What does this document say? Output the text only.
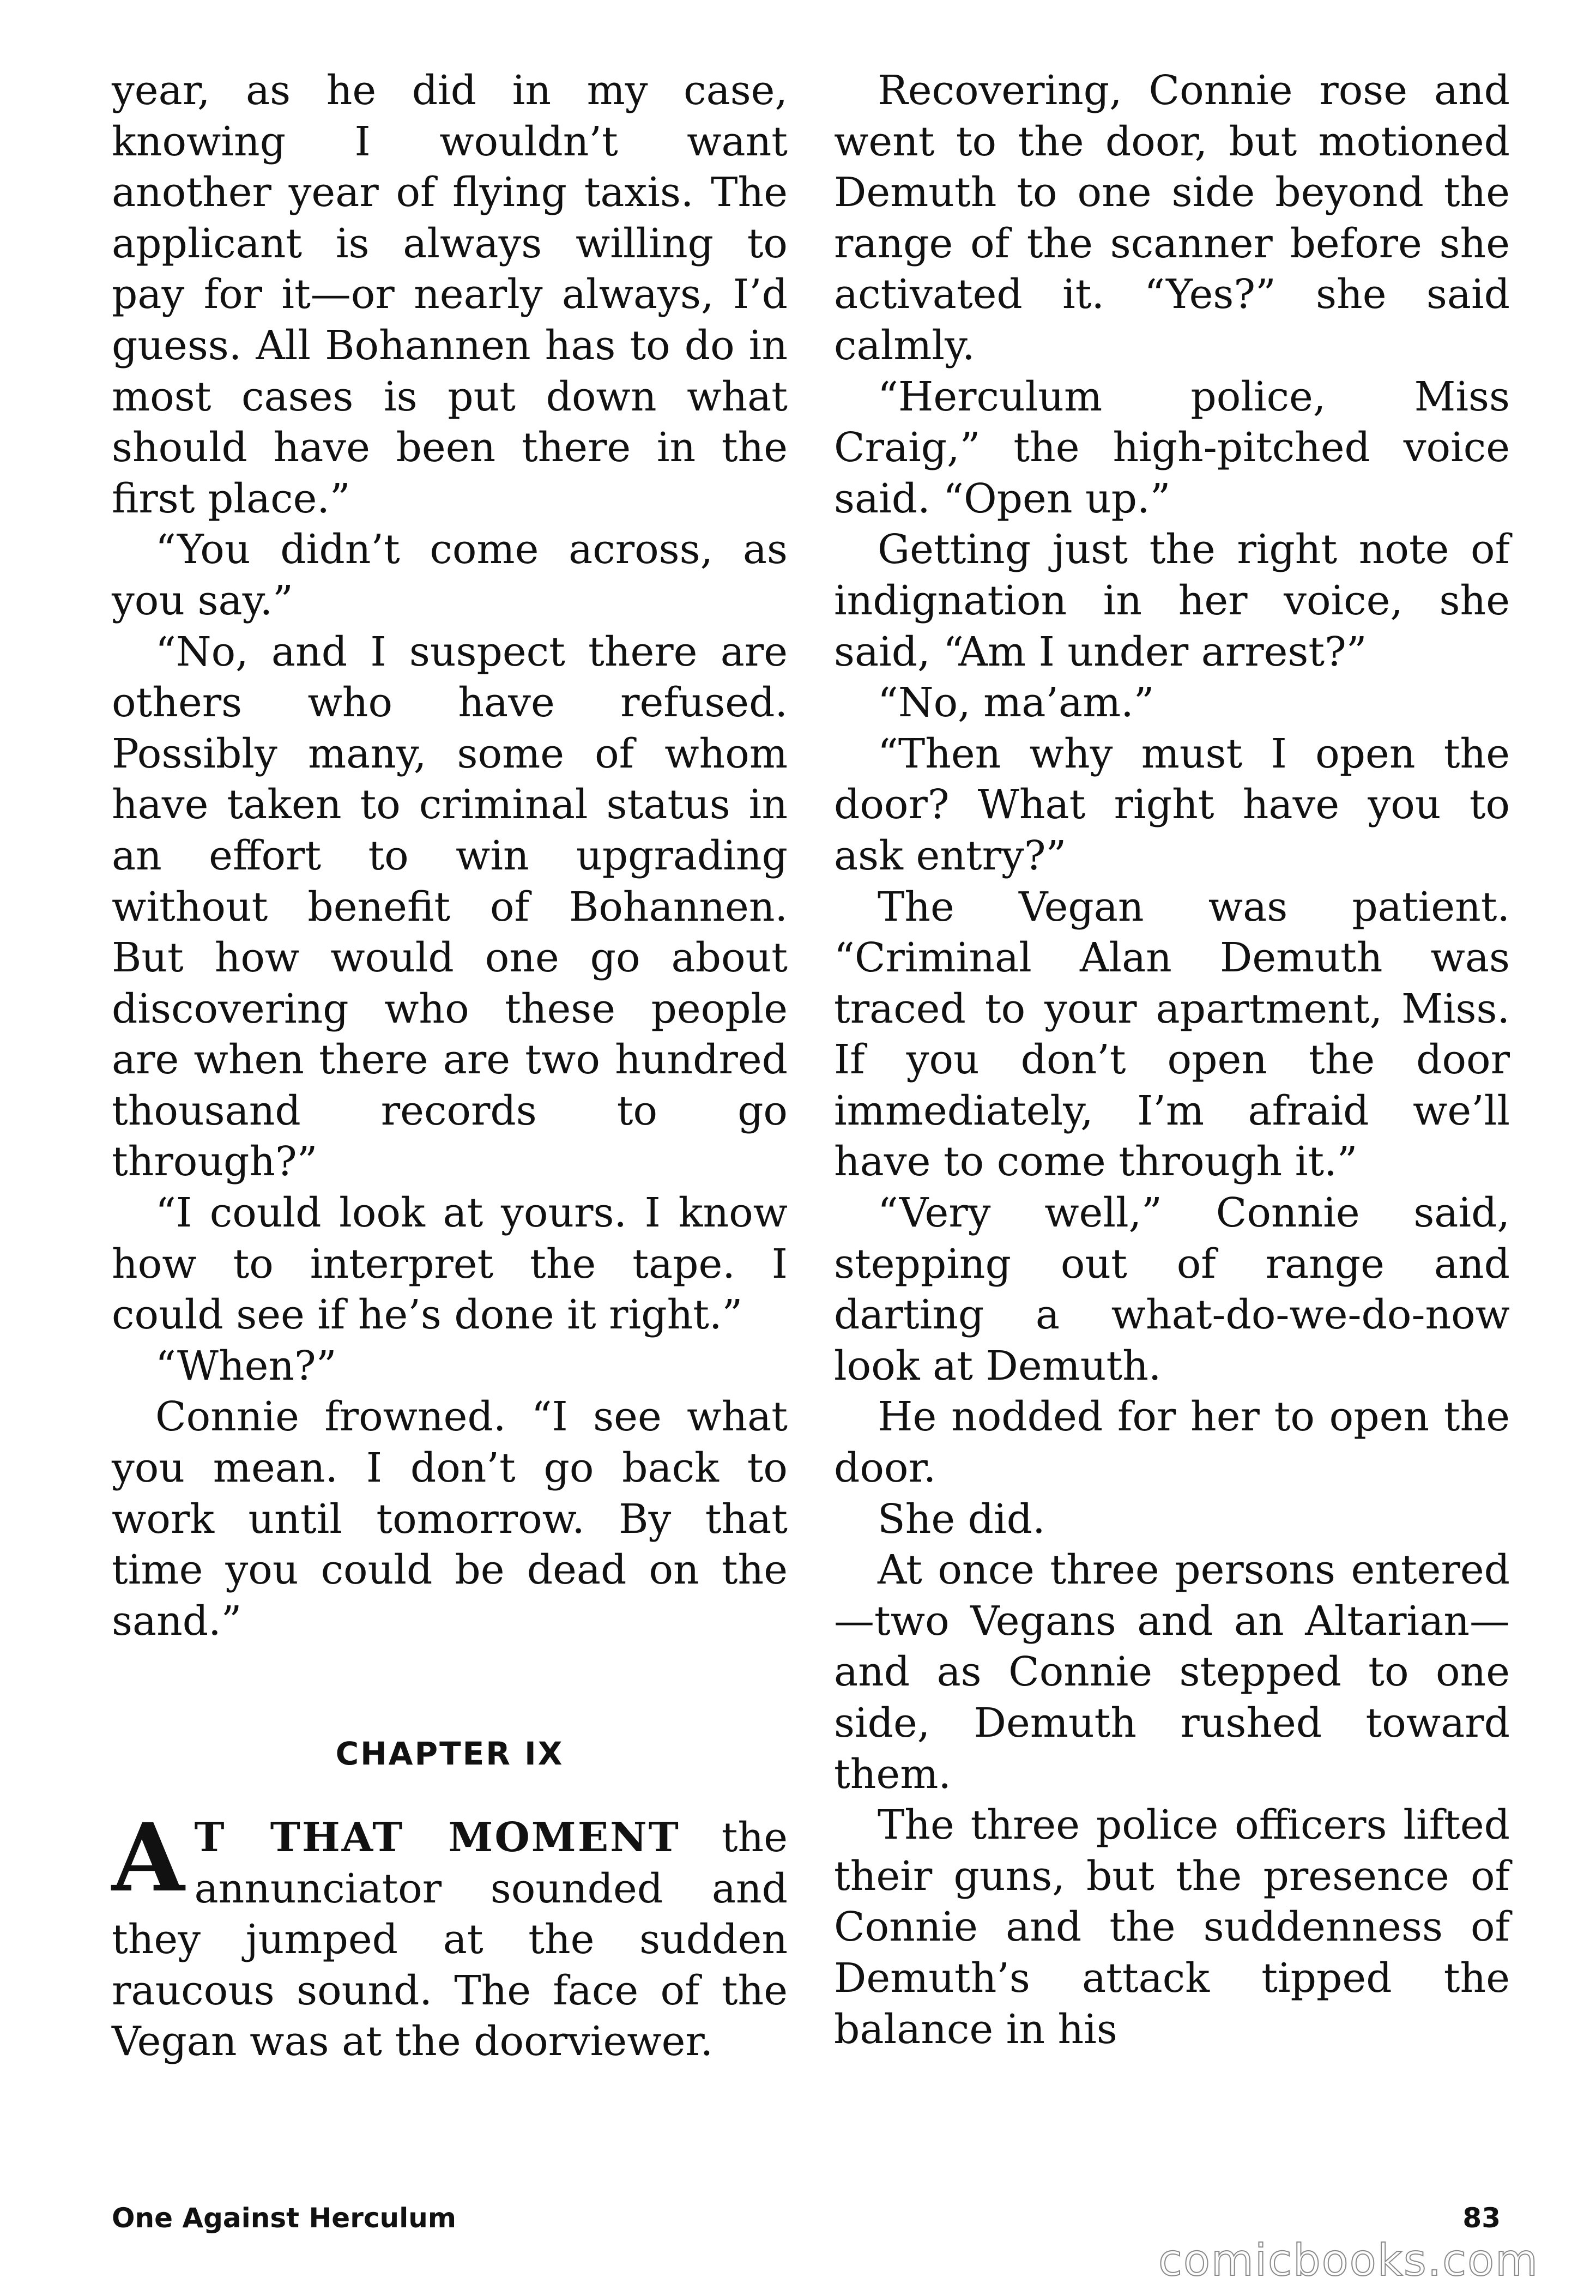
year, as he did in my case, knowing I wouldn’t want another year of flying taxis. The applicant is always willing to pay for it—or nearly always, I’d guess. All Bohannen has to do in most cases is put down what should have been there in the first place.”

“You didn’t come across, as you say.”

“No, and I suspect there are others who have refused. Possibly many, some of whom have taken to criminal status in an effort to win upgrading without benefit of Bohannen. But how would one go about discovering who these people are when there are two hundred thousand records to go through?”

“I could look at yours. I know how to interpret the tape. I could see if he’s done it right.”

“When?”

Connie frowned. “I see what you mean. I don’t go back to work until tomorrow. By that time you could be dead on the sand.”

CHAPTER IX

A T THAT MOMENT the annunciator sounded and they jumped at the sudden raucous sound. The face of the Vegan was at the doorviewer.

Recovering, Connie rose and went to the door, but motioned Demuth to one side beyond the range of the scanner before she activated it. “Yes?” she said calmly.

“Herculum police, Miss Craig,” the high-pitched voice said. “Open up.”

Getting just the right note of indignation in her voice, she said, “Am I under arrest?”

“No, ma’am.”

“Then why must I open the door? What right have you to ask entry?”

The Vegan was patient. “Criminal Alan Demuth was traced to your apartment, Miss. If you don’t open the door immediately, I’m afraid we’ll have to come through it.”

“Very well,” Connie said, stepping out of range and darting a what-do-we-do-now look at Demuth.

He nodded for her to open the door.

She did.

At once three persons entered—two Vegans and an Altarian—and as Connie stepped to one side, Demuth rushed toward them.

The three police officers lifted their guns, but the presence of Connie and the suddenness of Demuth’s attack tipped the balance in his

One Against Herculum	83
comicbooks.com
